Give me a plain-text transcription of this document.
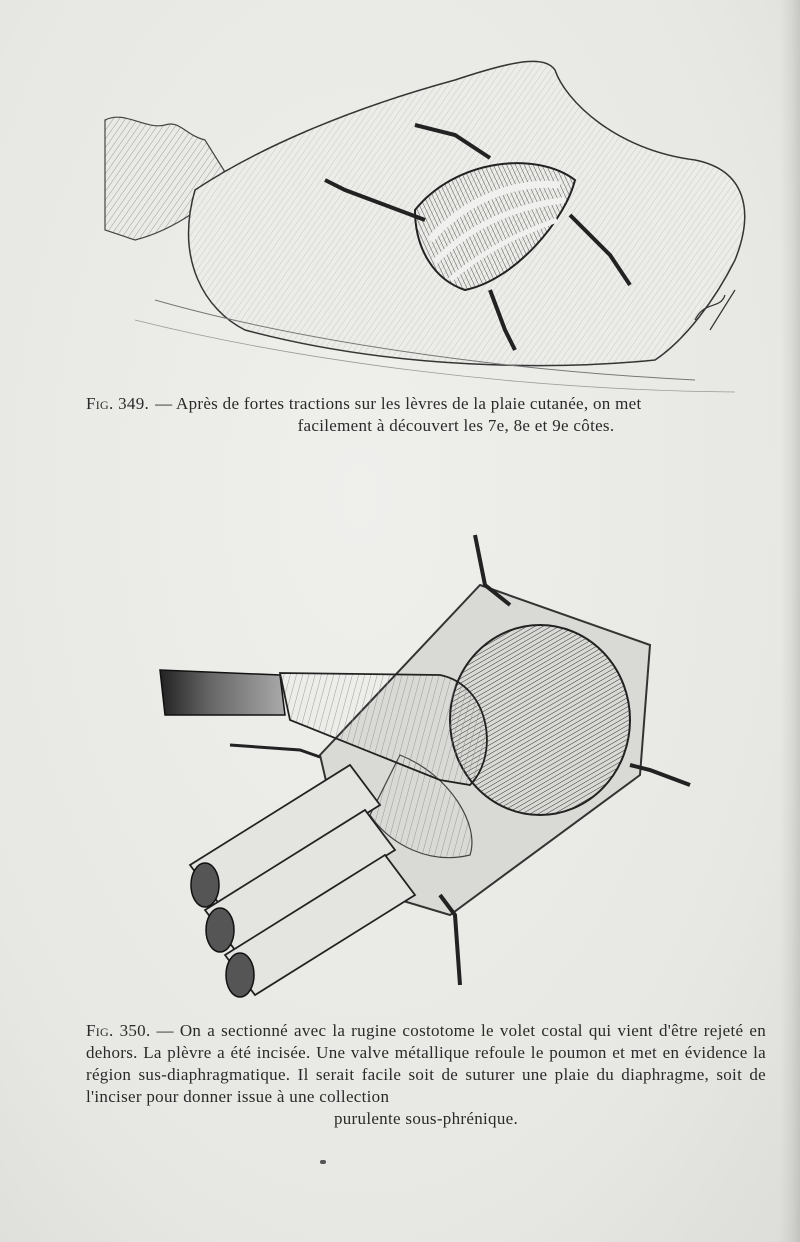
Fig. 349. — Après de fortes tractions sur les lèvres de la plaie cutanée, on met
facilement à découvert les 7e, 8e et 9e côtes.
Fig. 350. — On a sectionné avec la rugine costotome le volet costal qui vient d'être rejeté en dehors. La plèvre a été incisée. Une valve métallique refoule le poumon et met en évidence la région sus-diaphragmatique. Il serait facile soit de suturer une plaie du diaphragme, soit de l'inciser pour donner issue à une collection
purulente sous-phrénique.
